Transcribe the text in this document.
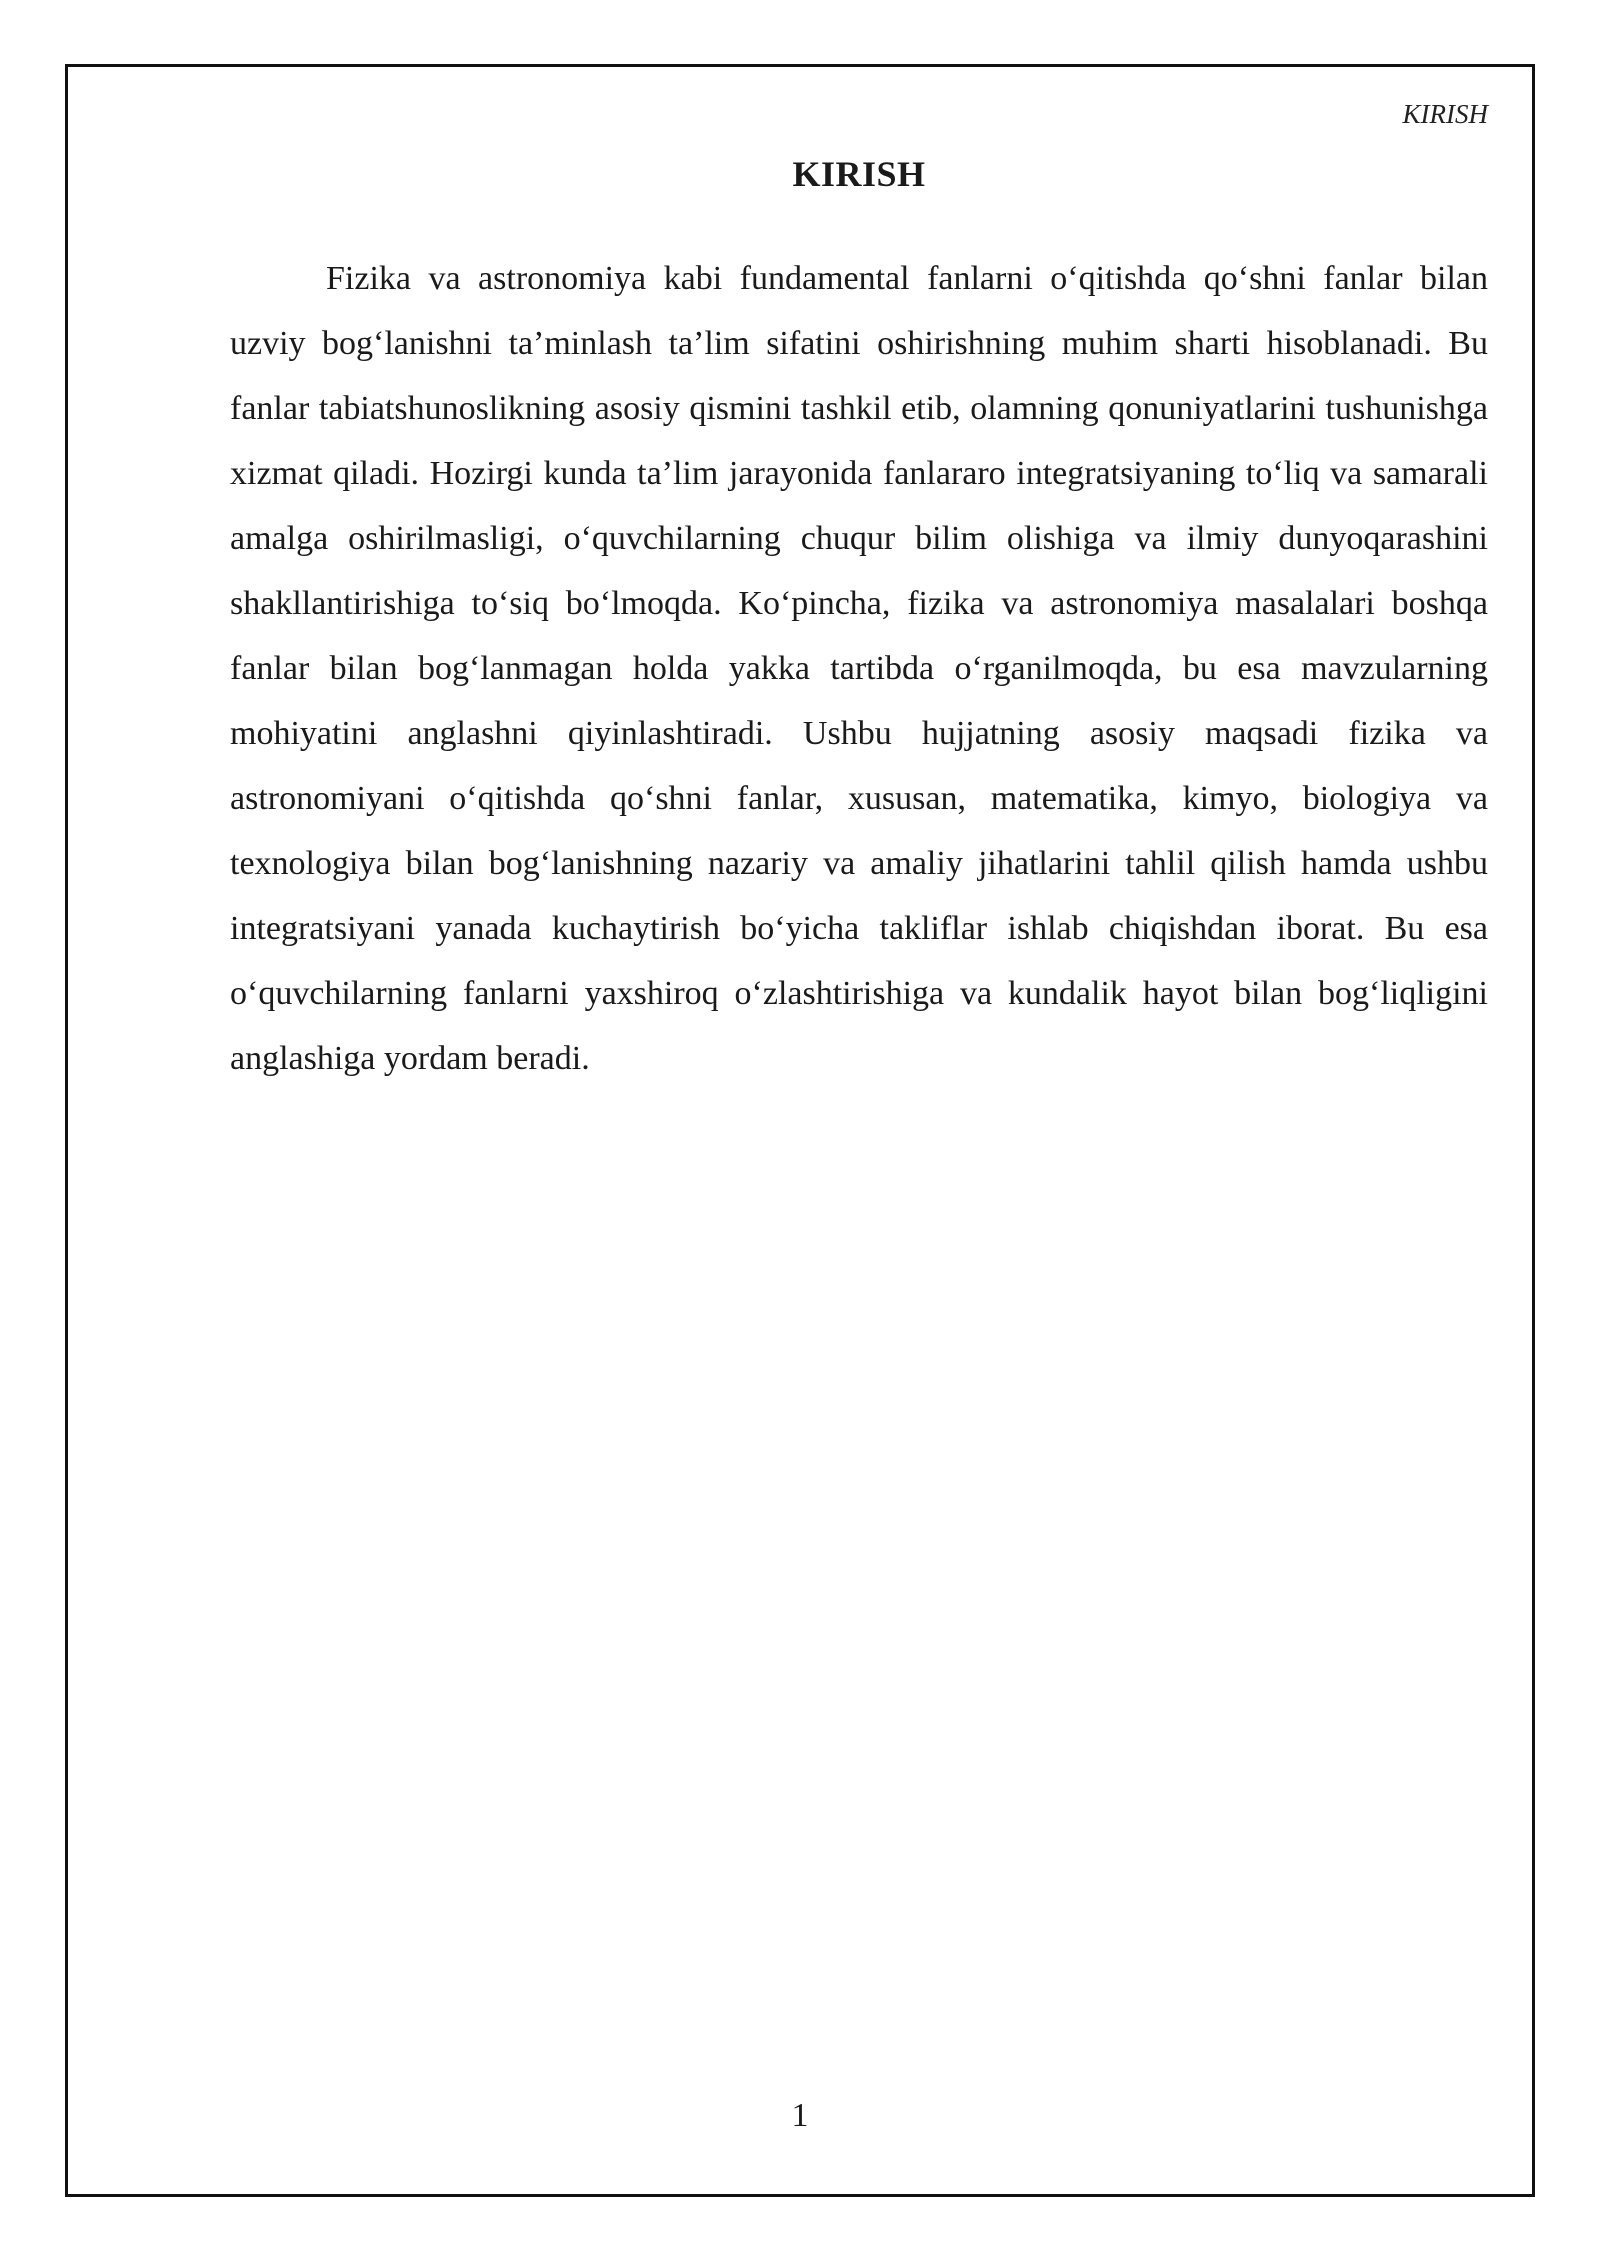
KIRISH
KIRISH

Fizika va astronomiya kabi fundamental fanlarni o‘qitishda qo‘shni fanlar bilan uzviy bog‘lanishni ta’minlash ta’lim sifatini oshirishning muhim sharti hisoblanadi. Bu fanlar tabiatshunoslikning asosiy qismini tashkil etib, olamning qonuniyatlarini tushunishga xizmat qiladi. Hozirgi kunda ta’lim jarayonida fanlararo integratsiyaning to‘liq va samarali amalga oshirilmasligi, o‘quvchilarning chuqur bilim olishiga va ilmiy dunyoqarashini shakllantirishiga to‘siq bo‘lmoqda. Ko‘pincha, fizika va astronomiya masalalari boshqa fanlar bilan bog‘lanmagan holda yakka tartibda o‘rganilmoqda, bu esa mavzularning mohiyatini anglashni qiyinlashtiradi. Ushbu hujjatning asosiy maqsadi fizika va astronomiyani o‘qitishda qo‘shni fanlar, xususan, matematika, kimyo, biologiya va texnologiya bilan bog‘lanishning nazariy va amaliy jihatlarini tahlil qilish hamda ushbu integratsiyani yanada kuchaytirish bo‘yicha takliflar ishlab chiqishdan iborat. Bu esa o‘quvchilarning fanlarni yaxshiroq o‘zlashtirishiga va kundalik hayot bilan bog‘liqligini anglashiga yordam beradi.

1
